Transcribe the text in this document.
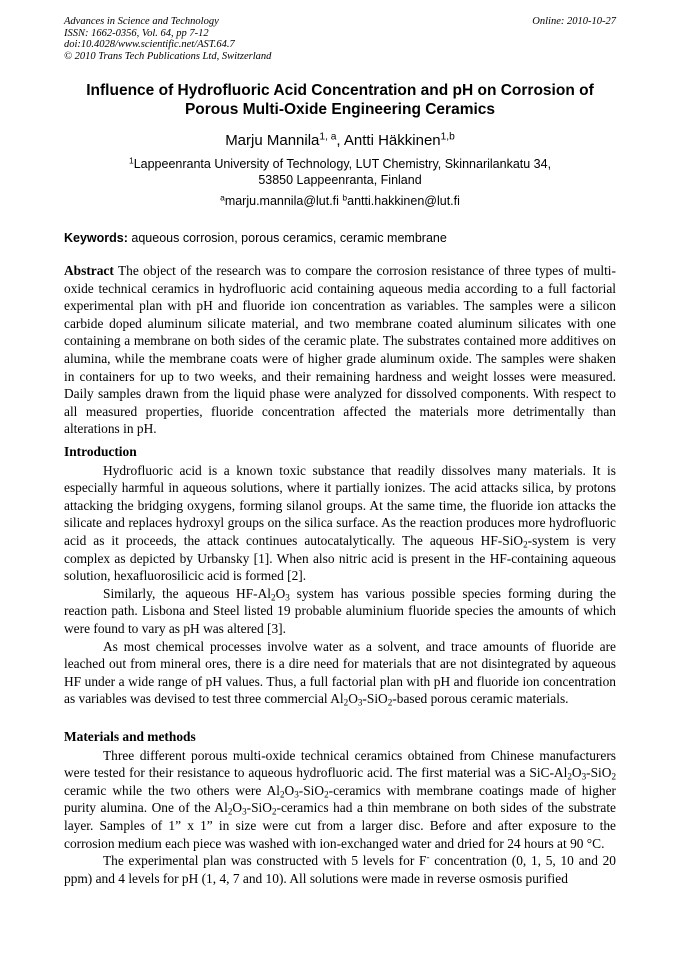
Advances in Science and Technology	Online: 2010-10-27
ISSN: 1662-0356, Vol. 64, pp 7-12
doi:10.4028/www.scientific.net/AST.64.7
© 2010 Trans Tech Publications Ltd, Switzerland
Influence of Hydrofluoric Acid Concentration and pH on Corrosion of Porous Multi-Oxide Engineering Ceramics
Marju Mannila$^{1, a}$, Antti Häkkinen$^{1,b}$
$^1$Lappeenranta University of Technology, LUT Chemistry, Skinnarilankatu 34,
53850 Lappeenranta, Finland
$^a$marju.mannila@lut.fi $^b$antti.hakkinen@lut.fi
Keywords: aqueous corrosion, porous ceramics, ceramic membrane
Abstract The object of the research was to compare the corrosion resistance of three types of multi-oxide technical ceramics in hydrofluoric acid containing aqueous media according to a full factorial experimental plan with pH and fluoride ion concentration as variables. The samples were a silicon carbide doped aluminum silicate material, and two membrane coated aluminum silicates with one containing a membrane on both sides of the ceramic plate. The substrates contained more additives on alumina, while the membrane coats were of higher grade aluminum oxide. The samples were shaken in containers for up to two weeks, and their remaining hardness and weight losses were measured. Daily samples drawn from the liquid phase were analyzed for dissolved components. With respect to all measured properties, fluoride concentration affected the materials more detrimentally than alterations in pH.

Introduction

Hydrofluoric acid is a known toxic substance that readily dissolves many materials. It is especially harmful in aqueous solutions, where it partially ionizes. The acid attacks silica, by protons attacking the bridging oxygens, forming silanol groups. At the same time, the fluoride ion attacks the silicate and replaces hydroxyl groups on the silica surface. As the reaction produces more hydrofluoric acid as it proceeds, the attack continues autocatalytically. The aqueous HF-SiO$_2$-system is very complex as depicted by Urbansky [1]. When also nitric acid is present in the HF-containing aqueous solution, hexafluorosilicic acid is formed [2].

Similarly, the aqueous $HF-Al_2O_3$ system has various possible species forming during the reaction path. Lisbona and Steel listed 19 probable aluminium fluoride species the amounts of which were found to vary as pH was altered [3].

As most chemical processes involve water as a solvent, and trace amounts of fluoride are leached out from mineral ores, there is a dire need for materials that are not disintegrated by aqueous HF under a wide range of pH values. Thus, a full factorial plan with pH and fluoride ion concentration as variables was devised to test three commercial $Al_2O_3-SiO_2$-based porous ceramic materials.

Materials and methods

Three different porous multi-oxide technical ceramics obtained from Chinese manufacturers were tested for their resistance to aqueous hydrofluoric acid. The first material was a SiC-$Al_2O_3-SiO_2$ ceramic while the two others were $Al_2O_3-SiO_2$-ceramics with membrane coatings made of higher purity alumina. One of the $Al_2O_3-SiO_2$-ceramics had a thin membrane on both sides of the substrate layer. Samples of 1” x 1” in size were cut from a larger disc. Before and after exposure to the corrosion medium each piece was washed with ion-exchanged water and dried for 24 hours at 90 °C.

The experimental plan was constructed with 5 levels for F- concentration (0, 1, 5, 10 and 20 ppm) and 4 levels for pH (1, 4, 7 and 10). All solutions were made in reverse osmosis purified
